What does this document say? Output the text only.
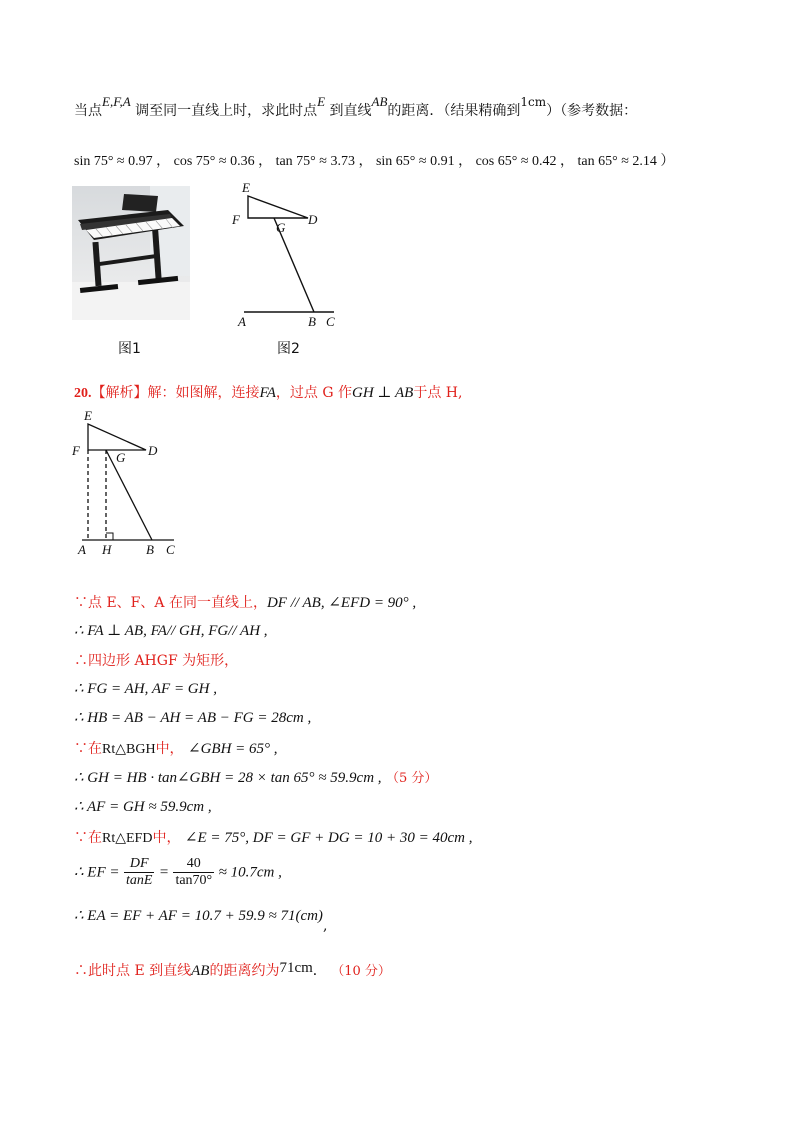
当点E,F,A 调至同一直线上时，求此时点E 到直线AB的距离．（结果精确到1cm）（参考数据：
sin 75° ≈ 0.97 ， cos 75° ≈ 0.36 ， tan 75° ≈ 3.73 ， sin 65° ≈ 0.91 ， cos 65° ≈ 0.42 ， tan 65° ≈ 2.14 ）
图1
E
F
G
D
A	B C
图2
20.【解析】解：如图解，连接FA，过点 G 作GH ⊥ AB于点 H,
E
F	G D
A H	B C
∵点 E、F、A 在同一直线上，DF // AB, ∠EFD = 90° ,
∴ FA ⊥ AB, FA// GH, FG// AH ,
∴四边形 AHGF 为矩形，
∴ FG = AH, AF = GH ,
∴ HB = AB − AH = AB − FG = 28cm ,
∵在Rt△BGH中， ∠GBH = 65° ,
∴ GH = HB · tan∠GBH = 28 × tan 65° ≈ 59.9cm , （5 分）
∴ AF = GH ≈ 59.9cm ,
∵在Rt△EFD中， ∠E = 75°, DF = GF + DG = 10 + 30 = 40cm ,
∴ EF = $\frac{DF}{\tan E} = \frac{40}{\tan 70^\circ} \approx 10.7cm$ ,
∴ EA = EF + AF = 10.7 + 59.9 ≈ 71(cm),
∴此时点 E 到直线AB的距离约为71cm． （10 分）
